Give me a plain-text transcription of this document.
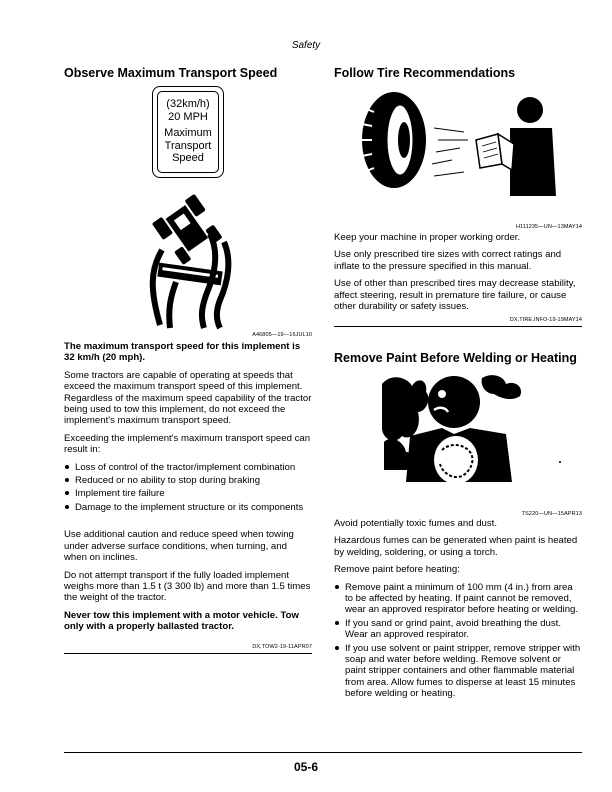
Safety
Observe Maximum Transport Speed
(32km/h)
20 MPH
Maximum
Transport
Speed
A46805—19—16JUL10

The maximum transport speed for this implement is 32 km/h (20 mph).

Some tractors are capable of operating at speeds that exceed the maximum transport speed of this implement. Regardless of the maximum speed capability of the tractor being used to tow this implement, do not exceed the implement's maximum transport speed.

Exceeding the implement's maximum transport speed can result in:

Loss of control of the tractor/implement combination
Reduced or no ability to stop during braking
Implement tire failure
Damage to the implement structure or its components

Use additional caution and reduce speed when towing under adverse surface conditions, when turning, and when on inclines.

Do not attempt transport if the fully loaded implement weighs more than 1.5 t (3 300 lb) and more than 1.5 times the weight of the tractor.

Never tow this implement with a motor vehicle. Tow only with a properly ballasted tractor.

DX,TOW2-19-11APR07
Follow Tire Recommendations
H111235—UN—13MAY14

Keep your machine in proper working order.

Use only prescribed tire sizes with correct ratings and inflate to the pressure specified in this manual.

Use of other than prescribed tires may decrease stability, affect steering, result in premature tire failure, or cause other durability or safety issues.

DX,TIRE,INFO-19-19MAY14
Remove Paint Before Welding or Heating
TS220—UN—15APR13

Avoid potentially toxic fumes and dust.

Hazardous fumes can be generated when paint is heated by welding, soldering, or using a torch.

Remove paint before heating:

Remove paint a minimum of 100 mm (4 in.) from area to be affected by heating. If paint cannot be removed, wear an approved respirator before heating or welding.
If you sand or grind paint, avoid breathing the dust. Wear an approved respirator.
If you use solvent or paint stripper, remove stripper with soap and water before welding. Remove solvent or paint stripper containers and other flammable material from area. Allow fumes to disperse at least 15 minutes before welding or heating.
05-6
